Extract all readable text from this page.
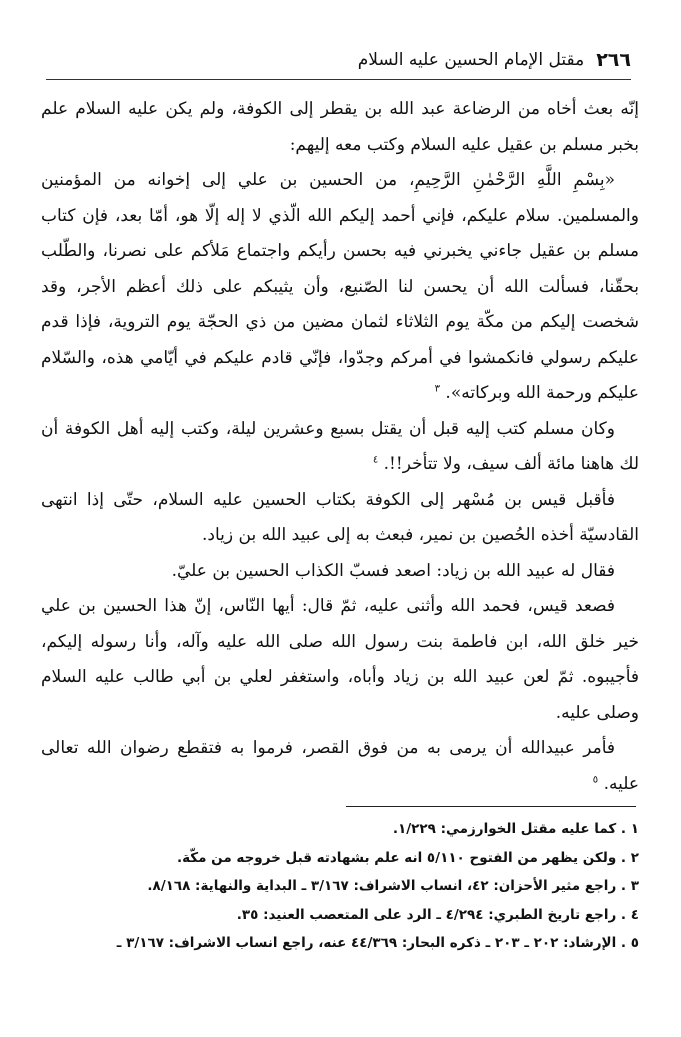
٢٦٦
مقتل الإمام الحسين عليه السلام

إنّه بعث أخاه من الرضاعة عبد الله بن يقطر إلى الكوفة، ولم يكن عليه السلام علم بخبر مسلم بن عقيل عليه السلام وكتب معه إليهم:

«بِسْمِ اللَّهِ الرَّحْمٰنِ الرَّحِيمِ، من الحسين بن علي إلى إخوانه من المؤمنين والمسلمين. سلام عليكم، فإني أحمد إليكم الله الّذي لا إله إلّا هو، أمّا بعد، فإن كتاب مسلم بن عقيل جاءني يخبرني فيه بحسن رأيكم واجتماع مَلأكم على نصرنا، والطّلب بحقّنا، فسألت الله أن يحسن لنا الصّنيع، وأن يثيبكم على ذلك أعظم الأجر، وقد شخصت إليكم من مكّة يوم الثلاثاء لثمان مضين من ذي الحجّة يوم التروية، فإذا قدم عليكم رسولي فانكمشوا في أمركم وجدّوا، فإنّي قادم عليكم في أيّامي هذه، والسّلام عليكم ورحمة الله وبركاته». $^٣$

وكان مسلم كتب إليه قبل أن يقتل بسبع وعشرين ليلة، وكتب إليه أهل الكوفة أن لك هاهنا مائة ألف سيف، ولا تتأخر!!. $^٤$

فأقبل قيس بن مُسْهر إلى الكوفة بكتاب الحسين عليه السلام، حتّى إذا انتهى القادسيّة أخذه الحُصين بن نمير، فبعث به إلى عبيد الله بن زياد.

فقال له عبيد الله بن زياد: اصعد فسبّ الكذاب الحسين بن عليّ.

فصعد قيس، فحمد الله وأثنى عليه، ثمّ قال: أيها النّاس، إنّ هذا الحسين بن علي خير خلق الله، ابن فاطمة بنت رسول الله صلى الله عليه وآله، وأنا رسوله إليكم، فأجيبوه. ثمّ لعن عبيد الله بن زياد وأباه، واستغفر لعلي بن أبي طالب عليه السلام وصلى عليه.

فأمر عبيدالله أن يرمى به من فوق القصر، فرموا به فتقطع رضوان الله تعالى عليه. $^٥$

١ . كما عليه مقتل الخوارزمي: ١/٢٢٩.
٢ . ولكن يظهر من الفتوح ٥/١١٠ انه علم بشهادته قبل خروجه من مكّة.
٣ . راجع مثير الأحزان: ٤٢، انساب الاشراف: ٣/١٦٧ ـ البداية والنهاية: ٨/١٦٨.
٤ . راجع تاريخ الطبري: ٤/٢٩٤ ـ الرد على المتعصب العنيد: ٣٥.
٥ . الإرشاد: ٢٠٢ ـ ٢٠٣ ـ ذكره البحار: ٤٤/٣٦٩ عنه، راجع انساب الاشراف: ٣/١٦٧ ـ
